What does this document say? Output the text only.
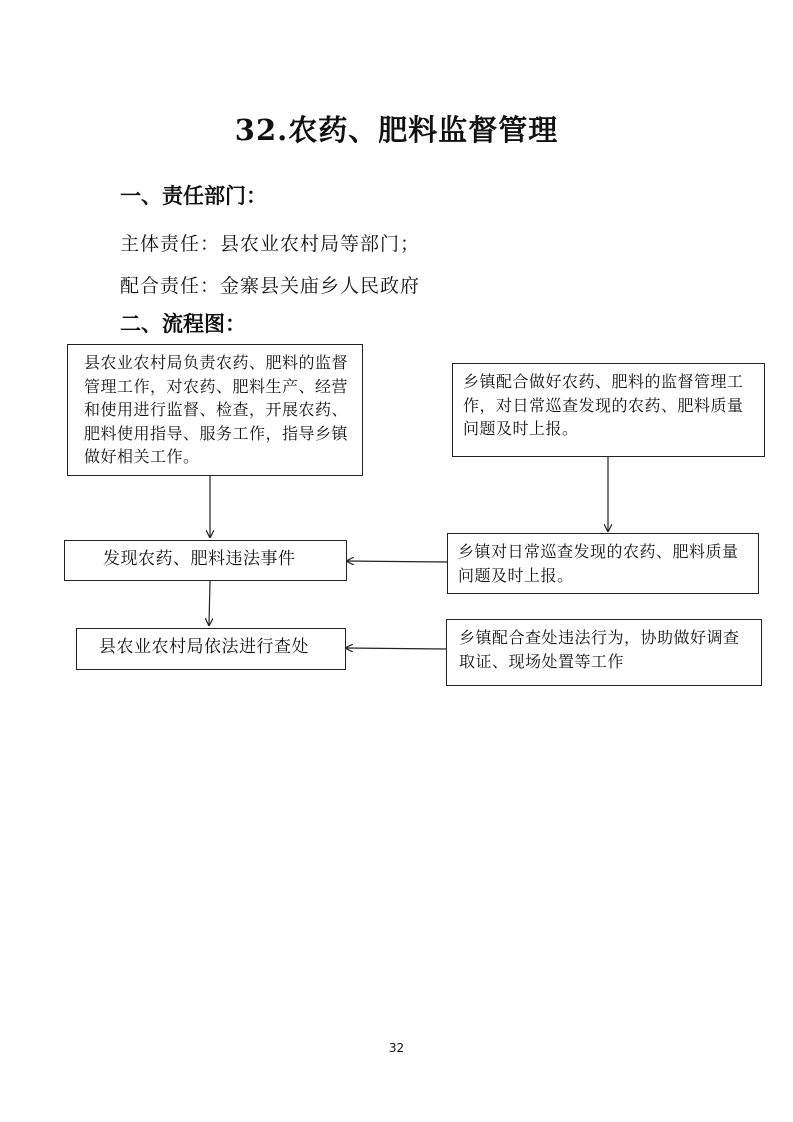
32.农药、肥料监督管理
一、责任部门：
主体责任：县农业农村局等部门；
配合责任：金寨县关庙乡人民政府
二、流程图：
县农业农村局负责农药、肥料的监督管理工作，对农药、肥料生产、经营和使用进行监督、检查，开展农药、肥料使用指导、服务工作，指导乡镇做好相关工作。
乡镇配合做好农药、肥料的监督管理工作，对日常巡查发现的农药、肥料质量问题及时上报。
发现农药、肥料违法事件	乡镇对日常巡查发现的农药、肥料质量问题及时上报。
县农业农村局依法进行查处	乡镇配合查处违法行为，协助做好调查取证、现场处置等工作
32
